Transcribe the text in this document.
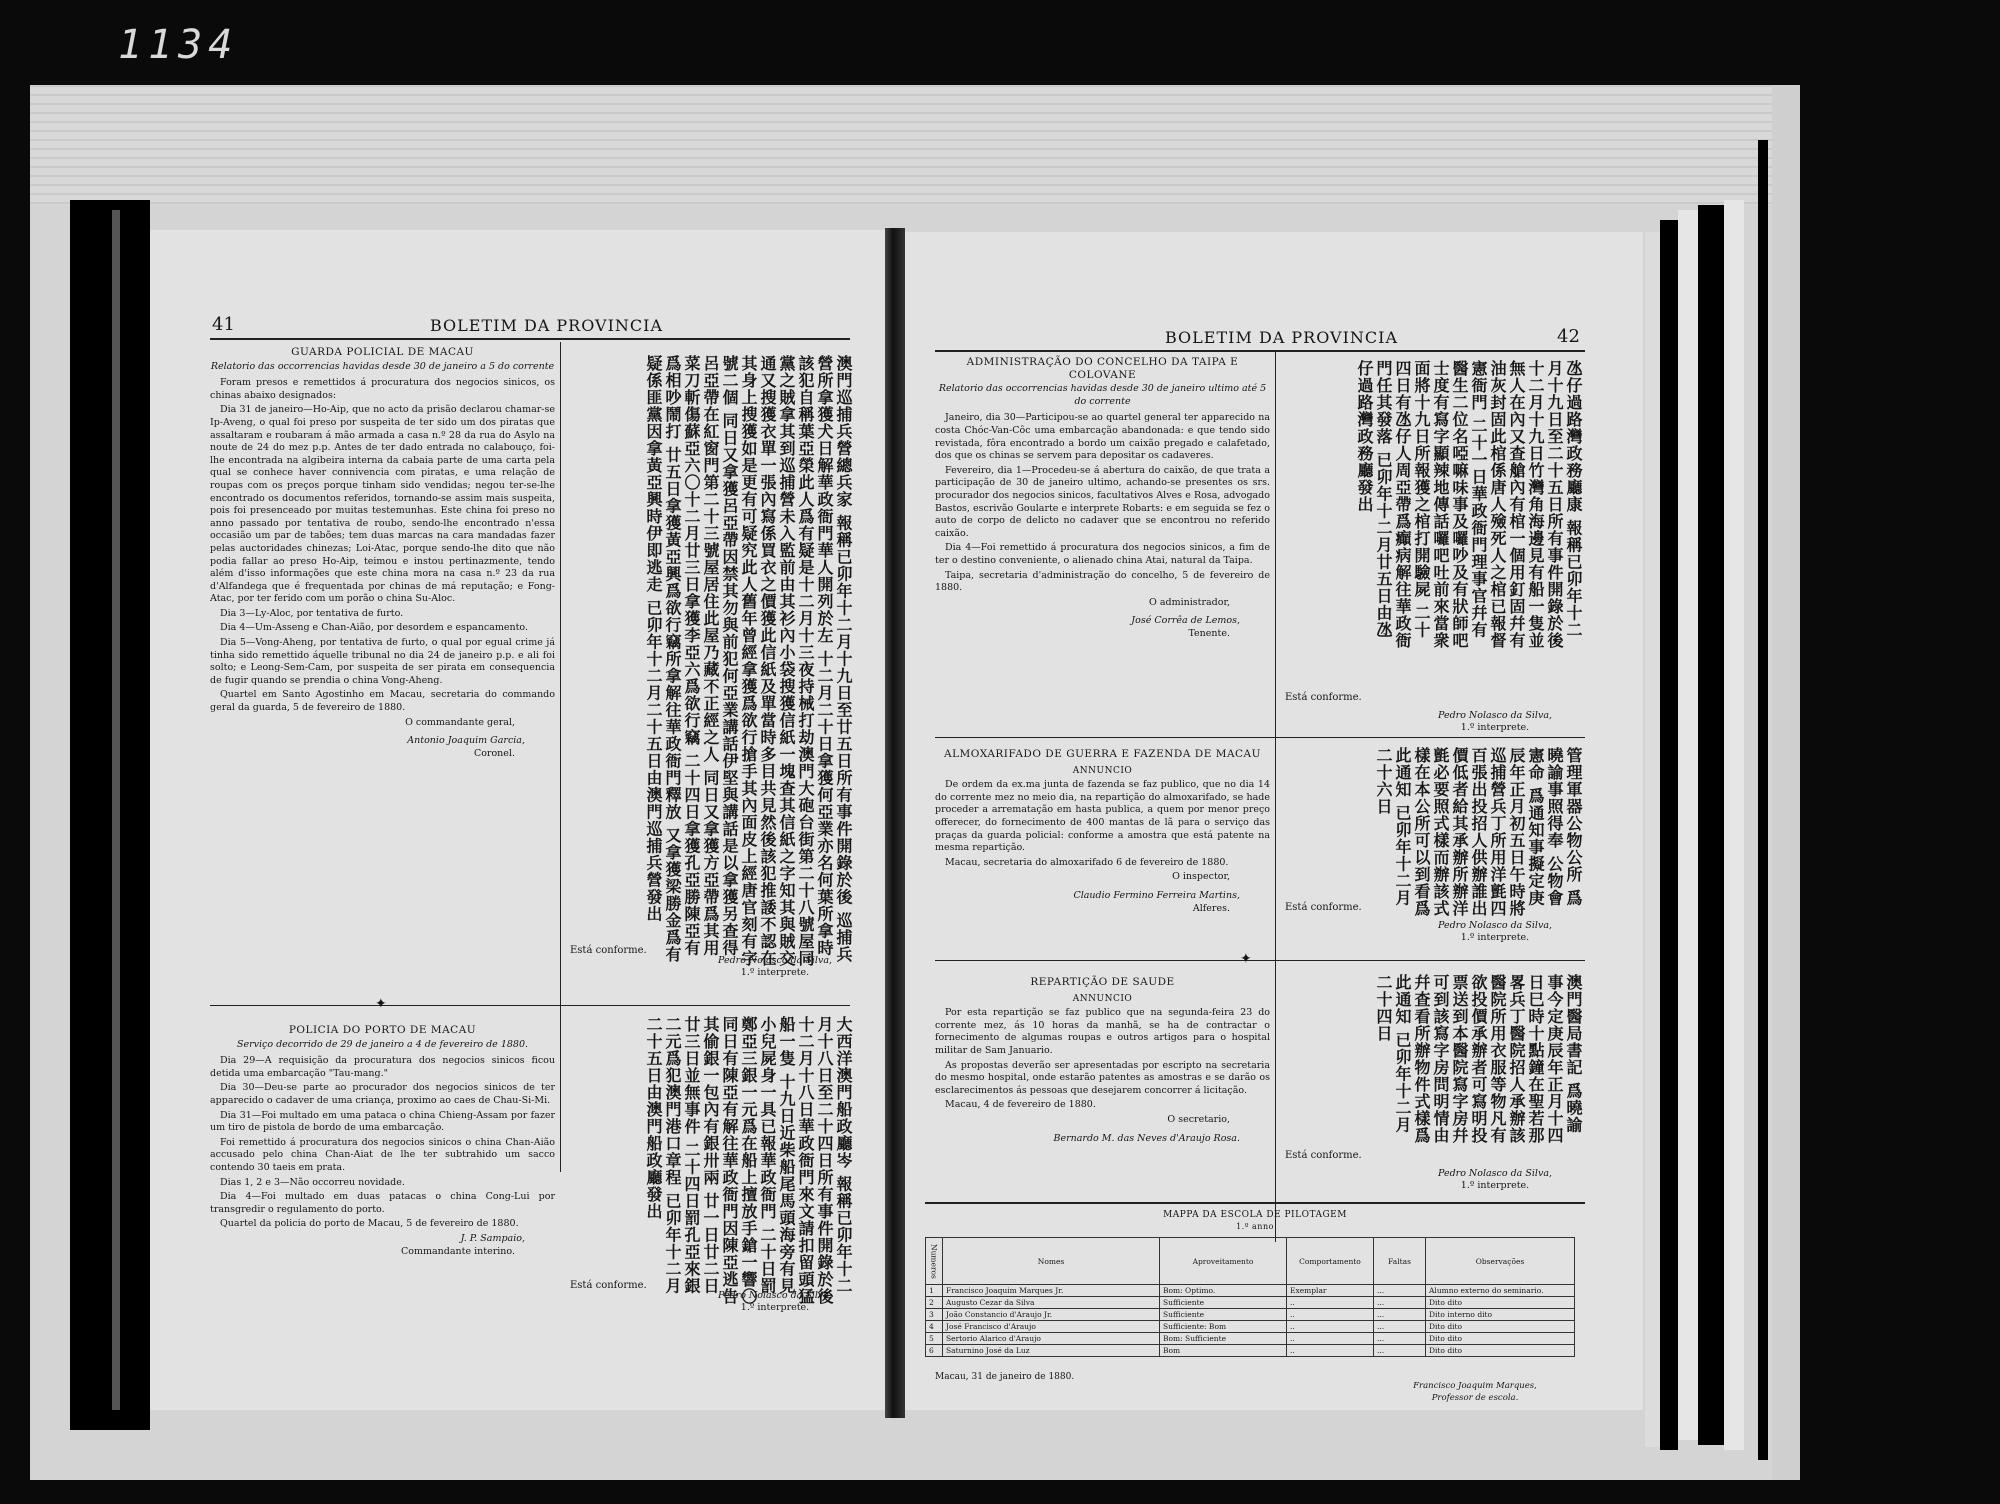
1134
41	BOLETIM DA PROVINCIA

GUARDA POLICIAL DE MACAU

Relatorio das occorrencias havidas desde 30 de janeiro a 5 do corrente

Foram presos e remettidos á procuratura dos negocios sinicos, os chinas abaixo designados:

Dia 31 de janeiro—Ho-Aip, que no acto da prisão declarou chamar-se Ip-Aveng, o qual foi preso por suspeita de ter sido um dos piratas que assaltaram e roubaram á mão armada a casa n.º 28 da rua do Asylo na noute de 24 do mez p.p. Antes de ter dado entrada no calabouço, foi-lhe encontrada na algibeira interna da cabaia parte de uma carta pela qual se conhece haver connivencia com piratas, e uma relação de roupas com os preços porque tinham sido vendidas; negou ter-se-lhe encontrado os documentos referidos, tornando-se assim mais suspeita, pois foi presenceado por muitas testemunhas. Este china foi preso no anno passado por tentativa de roubo, sendo-lhe encontrado n'essa occasião um par de tabões; tem duas marcas na cara mandadas fazer pelas auctoridades chinezas; Loi-Atac, porque sendo-lhe dito que não podia fallar ao preso Ho-Aip, teimou e instou pertinazmente, tendo além d'isso informações que este china mora na casa n.º 23 da rua d'Alfandega que é frequentada por chinas de má reputação; e Fong-Atac, por ter ferido com um porão o china Su-Aloc.

Dia 3—Ly-Aloc, por tentativa de furto.

Dia 4—Um-Asseng e Chan-Aião, por desordem e espancamento.

Dia 5—Vong-Aheng, por tentativa de furto, o qual por egual crime já tinha sido remettido áquelle tribunal no dia 24 de janeiro p.p. e ali foi solto; e Leong-Sem-Cam, por suspeita de ser pirata em consequencia de fugir quando se prendia o china Vong-Aheng.

Quartel em Santo Agostinho em Macau, secretaria do commando geral da guarda, 5 de fevereiro de 1880.

O commandante geral,

Antonio Joaquim Garcia,

Coronel.

✦

POLICIA DO PORTO DE MACAU

Serviço decorrido de 29 de janeiro a 4 de fevereiro de 1880.

Dia 29—A requisição da procuratura dos negocios sinicos ficou detida uma embarcação "Tau-mang."

Dia 30—Deu-se parte ao procurador dos negocios sinicos de ter apparecido o cadaver de uma criança, proximo ao caes de Chau-Si-Mi.

Dia 31—Foi multado em uma pataca o china Chieng-Assam por fazer um tiro de pistola de bordo de uma embarcação.

Foi remettido á procuratura dos negocios sinicos o china Chan-Aião accusado pelo china Chan-Aiat de lhe ter subtrahido um sacco contendo 30 taeis em prata.

Dias 1, 2 e 3—Não occorreu novidade.

Dia 4—Foi multado em duas patacas o china Cong-Lui por transgredir o regulamento do porto.

Quartel da policia do porto de Macau, 5 de fevereiro de 1880.

J. P. Sampaio,

Commandante interino.

澳門巡捕兵營總兵家 報稱已卯年十二月十九日至廿五日所有事件開錄於後 巡捕兵營所拿獲犬日解華政衙門華人開列於左 十二月二十日拿獲何亞業亦名何葉所拿時該犯自稱葉亞榮此人爲有疑是十二月十三夜持械打劫澳門大砲台街第二十八號屋同黨之賊拿其到巡捕營未入監前由其衫內小袋搜獲信紙一塊查其信紙之字知其與賊交通又搜獲衣單一張內寫係買衣之價獲此信紙及單當時多目共見然後該犯推諉不認在其身上搜獲如是更有可疑究此人舊年曾經拿獲爲欲行搶手其內面皮上經唐官刻有字號二個 同日又拿獲呂亞帶因禁其勿與前犯何亞業講話伊堅與講話是以拿獲另查得呂亞帶在紅窗門第二十三號屋居住此屋乃藏不正經之人 同日又拿獲方亞帶爲其用菜刀斬傷蘇亞六〇十二月廿三日拿獲李亞六爲欲行竊 二十四日拿獲孔亞勝陳亞有爲相吵鬧打 廿五日拿獲黃亞興爲欲行竊所拿解往華政衙門釋放 又拿獲梁勝金爲有疑係匪黨因拿黃亞興時伊即逃走 已卯年十二月二十五日由澳門巡捕兵營發出
Está conforme.
Pedro Nolasco da Silva,
1.º interprete.
大西洋澳門船政廳岑 報稱已卯年十二月十八日至二十四日所有事件開錄於後 十二月十八日華政衙門來文請扣留頭猛船一隻 十九日近柴船尾馬頭海旁有見小兒屍身一具已報華政衙門 二十日罰鄭亞三銀一元爲在船上擅放手鎗一響〇同日有陳亞有解往華政衙門因陳亞逃告其偷銀一包內有銀卅兩 廿一日廿二日廿三日並無事件 二十四日罰孔亞來銀二元爲犯澳門港口章程 已卯年十二月二十五日由澳門船政廳發出
Está conforme.
Pedro Nolasco da Silva,
1.º interprete.
BOLETIM DA PROVINCIA	42

ADMINISTRAÇÃO DO CONCELHO DA TAIPA E COLOVANE

Relatorio das occorrencias havidas desde 30 de janeiro ultimo até 5 do corrente

Janeiro, dia 30—Participou-se ao quartel general ter apparecido na costa Chóc-Van-Côc uma embarcação abandonada: e que tendo sido revistada, fôra encontrado a bordo um caixão pregado e calafetado, dos que os chinas se servem para depositar os cadaveres.

Fevereiro, dia 1—Procedeu-se á abertura do caixão, de que trata a participação de 30 de janeiro ultimo, achando-se presentes os srs. procurador dos negocios sinicos, facultativos Alves e Rosa, advogado Bastos, escrivão Goularte e interprete Robarts: e em seguida se fez o auto de corpo de delicto no cadaver que se encontrou no referido caixão.

Dia 4—Foi remettido á procuratura dos negocios sinicos, a fim de ter o destino conveniente, o alienado china Atai, natural da Taipa.

Taipa, secretaria d'administração do concelho, 5 de fevereiro de 1880.

O administrador,

José Corrêa de Lemos,

Tenente.	氹仔過路灣政務廳康 報稱已卯年十二月十九日至二十五日所有事件開錄於後 十二月十九日竹灣角海邊見有船一隻並無人在內又查艙內有棺一個用釘固幷有油灰封固此棺係唐人殮死人之棺已報督憲衙門 二十一日華政衙門理事官幷有醫生二位名啞嘛味事及囉吵及有狀師吧士度有寫字顯辣地傳話囉吧吐前來當衆面將十九日所報獲之棺打開驗屍 二十四日有氹仔人周亞帶爲癲病解往華政衙門任其發落 已卯年十二月廿五日由氹仔過路灣政務廳發出
Está conforme.
Pedro Nolasco da Silva,
1.º interprete.

ALMOXARIFADO DE GUERRA E FAZENDA DE MACAU

ANNUNCIO

De ordem da ex.ma junta de fazenda se faz publico, que no dia 14 do corrente mez no meio dia, na repartição do almoxarifado, se hade proceder a arrematação em hasta publica, a quem por menor preço offerecer, do fornecimento de 400 mantas de lã para o serviço das praças da guarda policial: conforme a amostra que está patente na mesma repartição.

Macau, secretaria do almoxarifado 6 de fevereiro de 1880.

O inspector,

Claudio Fermino Ferreira Martins,

Alferes.

管理軍器公物公所 爲曉諭事照得奉 公物會憲命 爲通知事擬定庚辰年正月初五日午時將巡捕營兵丁所用洋氈四百張出投招人供辦誰出價低者給其承辦所辦洋氈必要照式樣而辦該式樣在本公所可以到看爲此通知 已卯年十二月二十六日
Está conforme.
Pedro Nolasco da Silva,
1.º interprete.
✦

REPARTIÇÃO DE SAUDE

ANNUNCIO

Por esta repartição se faz publico que na segunda-feira 23 do corrente mez, ás 10 horas da manhã, se ha de contractar o fornecimento de algumas roupas e outros artigos para o hospital militar de Sam Januario.

As propostas deverão ser apresentadas por escripto na secretaria do mesmo hospital, onde estarão patentes as amostras e se darão os esclarecimentos ás pessoas que desejarem concorrer á licitação.

Macau, 4 de fevereiro de 1880.

O secretario,

Bernardo M. das Neves d'Araujo Rosa.

澳門醫局書記 爲曉諭事今定庚辰年正月十四日巳時十點鐘在聖若那畧兵丁醫院招人承辦該醫院所用衣服等物凡有欲投價承辦者可寫明投票送到本醫院寫字房幷可到該寫字房問明情由幷查看所辦物件式樣爲此通知 已卯年十二月二十四日
Está conforme.
Pedro Nolasco da Silva,
1.º interprete.
MAPPA DA ESCOLA DE PILOTAGEM
1.º anno
Numeros	Nomes	Aproveitamento	Comportamento	Faltas	Observações
1	Francisco Joaquim Marques Jr.	Bom: Optimo.	Exemplar	...	Alumno externo do seminario.
2	Augusto Cezar da Silva	Sufficiente	..	...	Dito dito
3	João Constancio d'Araujo Jr.	Sufficiente	..	...	Dito interno dito
4	José Francisco d'Araujo	Sufficiente: Bom	..	...	Dito dito
5	Sertorio Alarico d'Araujo	Bom: Sufficiente	..	...	Dito dito
6	Saturnino José da Luz	Bom	..	...	Dito dito
Macau, 31 de janeiro de 1880.
Francisco Joaquim Marques,
Professor de escola.
